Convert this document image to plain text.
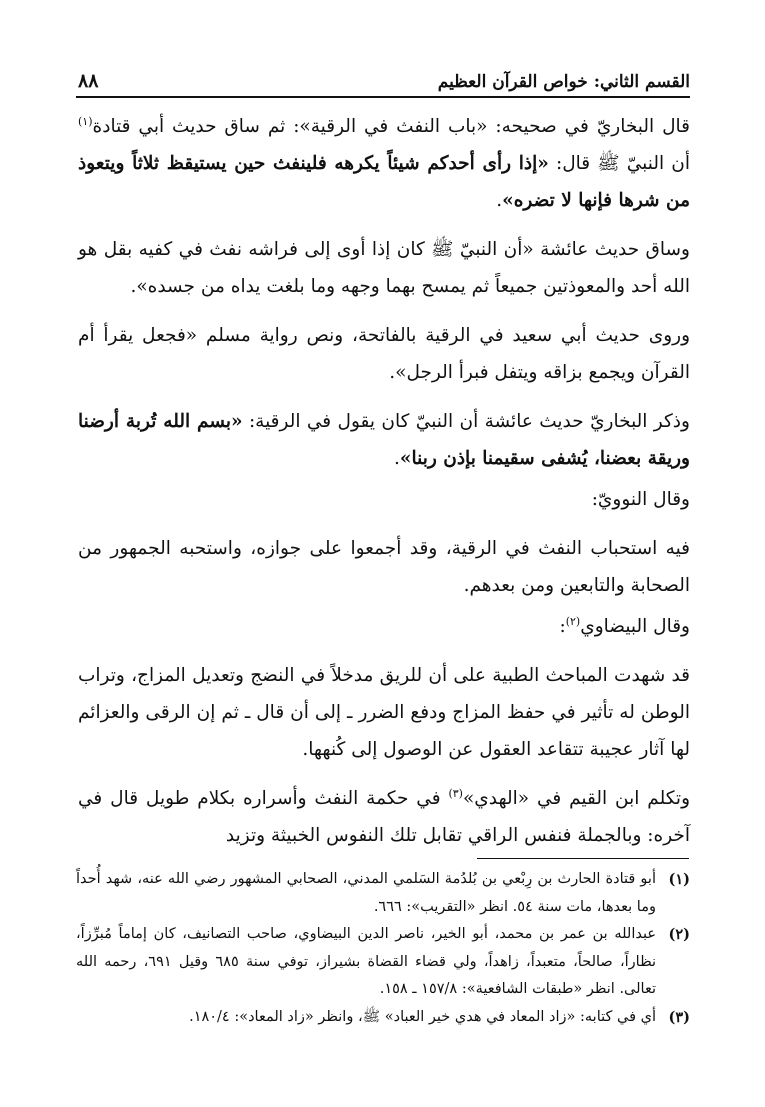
القسم الثاني: خواص القرآن العظيم
٨٨

قال البخاريّ في صحيحه: «باب النفث في الرقية»: ثم ساق حديث أبي قتادة$^{(١)}$ أن النبيّ ﷺ قال: «إذا رأى أحدكم شيئاً يكرهه فلينفث حين يستيقظ ثلاثاً ويتعوذ من شرها فإنها لا تضره».

وساق حديث عائشة «أن النبيّ ﷺ كان إذا أوى إلى فراشه نفث في كفيه بقل هو الله أحد والمعوذتين جميعاً ثم يمسح بهما وجهه وما بلغت يداه من جسده».

وروى حديث أبي سعيد في الرقية بالفاتحة، ونص رواية مسلم «فجعل يقرأ أم القرآن ويجمع بزاقه ويتفل فبرأ الرجل».

وذكر البخاريّ حديث عائشة أن النبيّ كان يقول في الرقية: «بسم الله تُربة أرضنا وريقة بعضنا، يُشفى سقيمنا بإذن ربنا».

وقال النوويّ:

فيه استحباب النفث في الرقية، وقد أجمعوا على جوازه، واستحبه الجمهور من الصحابة والتابعين ومن بعدهم.

وقال البيضاوي$^{(٢)}$:

قد شهدت المباحث الطبية على أن للريق مدخلاً في النضج وتعديل المزاج، وتراب الوطن له تأثير في حفظ المزاج ودفع الضرر ـ إلى أن قال ـ ثم إن الرقى والعزائم لها آثار عجيبة تتقاعد العقول عن الوصول إلى كُنهها.

وتكلم ابن القيم في «الهدي»$^{(٣)}$ في حكمة النفث وأسراره بكلام طويل قال في آخره: وبالجملة فنفس الراقي تقابل تلك النفوس الخبيثة وتزيد

(١)
أبو قتادة الحارث بن رِبْعي بن بُلدُمة السَلمي المدني، الصحابي المشهور رضي الله عنه، شهد أُحداً وما بعدها، مات سنة ٥٤. انظر «التقريب»: ٦٦٦.
(٢)
عبدالله بن عمر بن محمد، أبو الخير، ناصر الدين البيضاوي، صاحب التصانيف، كان إماماً مُبرِّزاً، نظاراً، صالحاً، متعبداً، زاهداً، ولي قضاء القضاة بشيراز، توفي سنة ٦٨٥ وقيل ٦٩١، رحمه الله تعالى. انظر «طبقات الشافعية»: ١٥٧/٨ ـ ١٥٨.
(٣)
أي في كتابه: «زاد المعاد في هدي خير العباد» ﷺ، وانظر «زاد المعاد»: ١٨٠/٤.
